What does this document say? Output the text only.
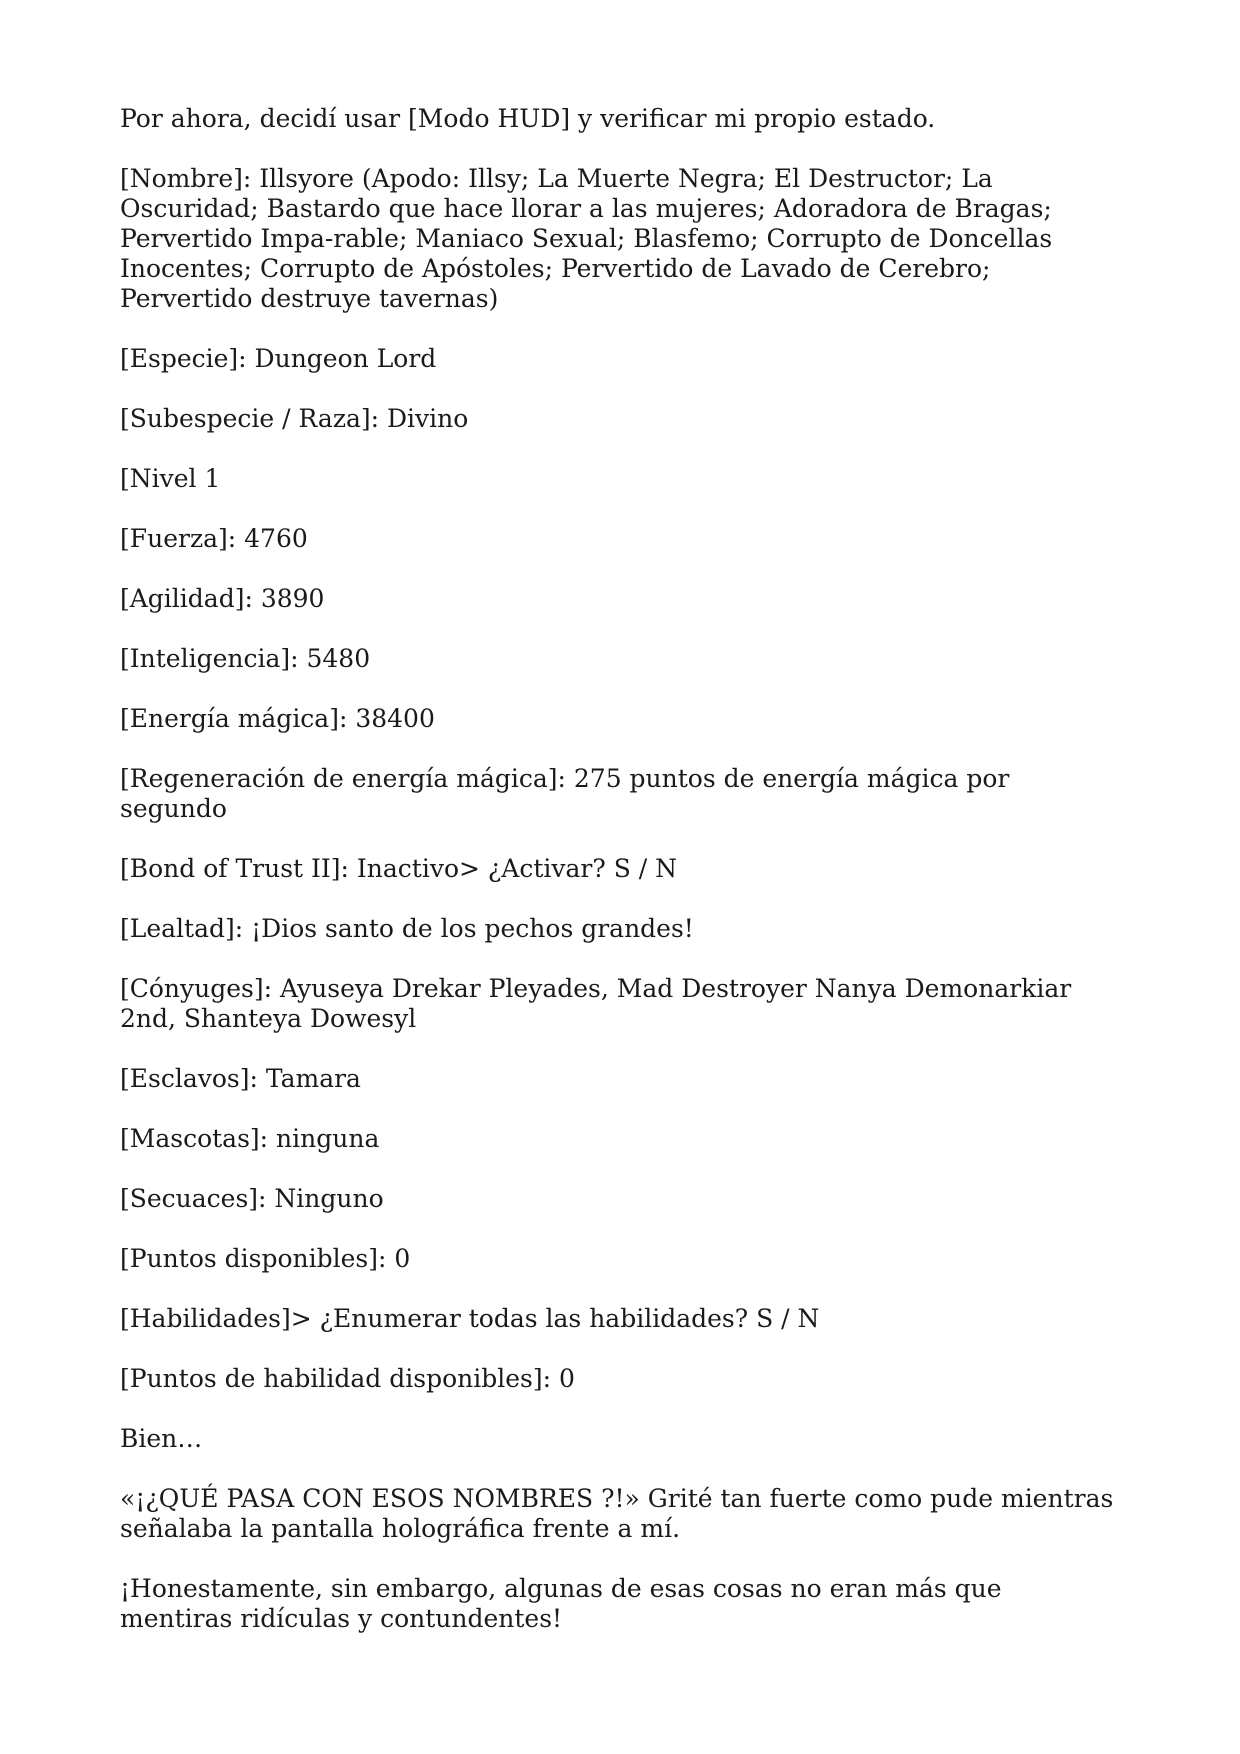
Por ahora, decidí usar [Modo HUD] y verificar mi propio estado.

[Nombre]: Illsyore (Apodo: Illsy; La Muerte Negra; El Destructor; La Oscuridad; Bastardo que hace llorar a las mujeres; Adoradora de Bragas; Pervertido Impa-rable; Maniaco Sexual; Blasfemo; Corrupto de Doncellas Inocentes; Corrupto de Apóstoles; Pervertido de Lavado de Cerebro; Pervertido destruye tavernas)

[Especie]: Dungeon Lord

[Subespecie / Raza]: Divino

[Nivel 1

[Fuerza]: 4760

[Agilidad]: 3890

[Inteligencia]: 5480

[Energía mágica]: 38400

[Regeneración de energía mágica]: 275 puntos de energía mágica por segundo

[Bond of Trust II]: Inactivo> ¿Activar? S / N

[Lealtad]: ¡Dios santo de los pechos grandes!

[Cónyuges]: Ayuseya Drekar Pleyades, Mad Destroyer Nanya Demonarkiar 2nd, Shanteya Dowesyl

[Esclavos]: Tamara

[Mascotas]: ninguna

[Secuaces]: Ninguno

[Puntos disponibles]: 0

[Habilidades]> ¿Enumerar todas las habilidades? S / N

[Puntos de habilidad disponibles]: 0

Bien…

«¡¿QUÉ PASA CON ESOS NOMBRES ?!» Grité tan fuerte como pude mientras señalaba la pantalla holográfica frente a mí.

¡Honestamente, sin embargo, algunas de esas cosas no eran más que mentiras ridículas y contundentes!
